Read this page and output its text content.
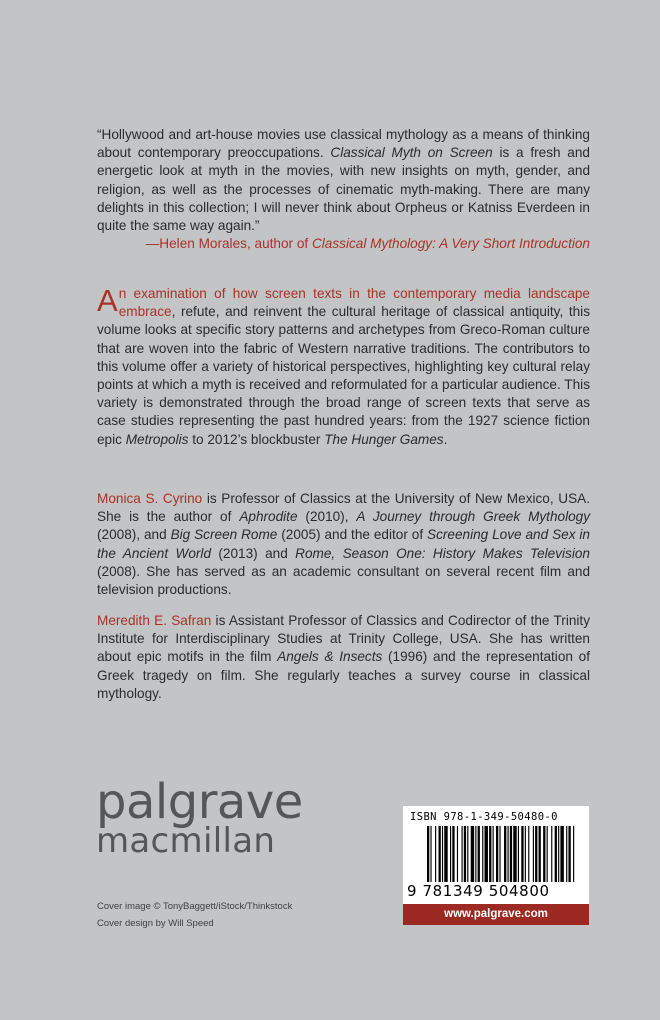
“Hollywood and art-house movies use classical mythology as a means of thinking about contemporary preoccupations. Classical Myth on Screen is a fresh and energetic look at myth in the movies, with new insights on myth, gender, and religion, as well as the processes of cinematic myth-making. There are many delights in this collection; I will never think about Orpheus or Katniss Everdeen in quite the same way again.”
—Helen Morales, author of Classical Mythology: A Very Short Introduction
An examination of how screen texts in the contemporary media landscape embrace, refute, and reinvent the cultural heritage of classical antiquity, this volume looks at specific story patterns and archetypes from Greco-Roman culture that are woven into the fabric of Western narrative traditions. The contributors to this volume offer a variety of historical perspectives, highlighting key cultural relay points at which a myth is received and reformulated for a particular audience. This variety is demonstrated through the broad range of screen texts that serve as case studies representing the past hundred years: from the 1927 science fiction epic Metropolis to 2012’s blockbuster The Hunger Games.
Monica S. Cyrino is Professor of Classics at the University of New Mexico, USA. She is the author of Aphrodite (2010), A Journey through Greek Mythology (2008), and Big Screen Rome (2005) and the editor of Screening Love and Sex in the Ancient World (2013) and Rome, Season One: History Makes Television (2008). She has served as an academic consultant on several recent film and television productions.
Meredith E. Safran is Assistant Professor of Classics and Codirector of the Trinity Institute for Interdisciplinary Studies at Trinity College, USA. She has written about epic motifs in the film Angels & Insects (1996) and the representation of Greek tragedy on film. She regularly teaches a survey course in classical mythology.
palgrave
macmillan
Cover image © TonyBaggett/iStock/Thinkstock
Cover design by Will Speed
ISBN 978-1-349-50480-0
9 781349 504800
www.palgrave.com
